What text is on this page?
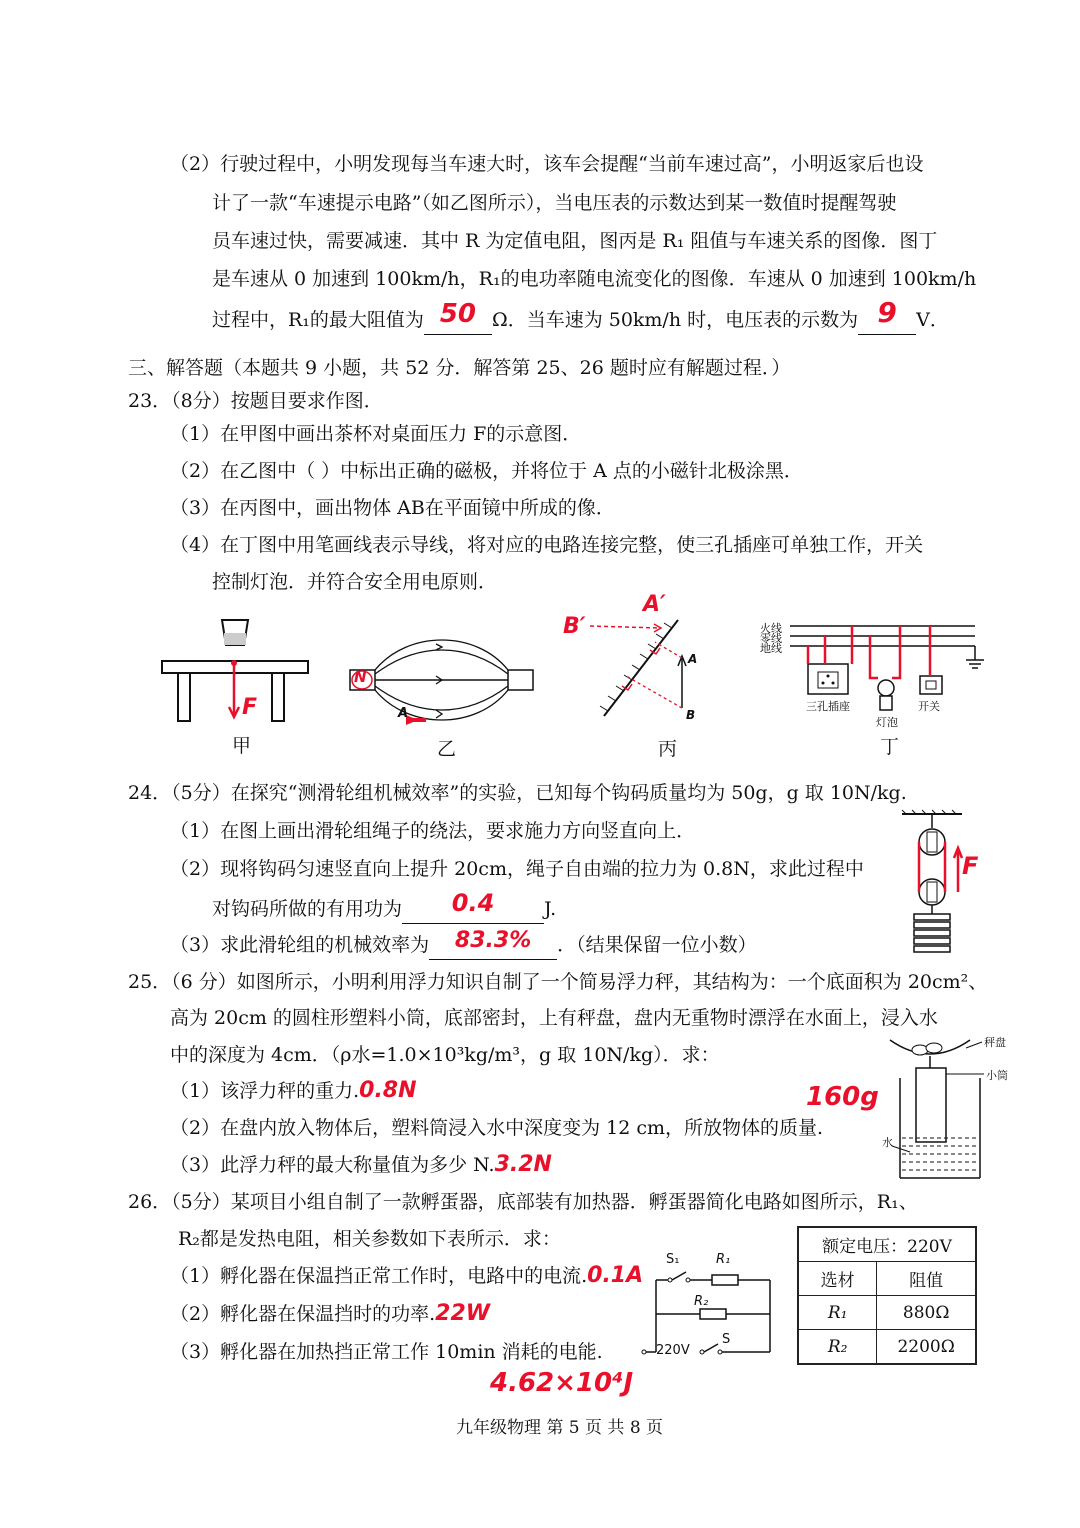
（2）行驶过程中，小明发现每当车速大时，该车会提醒“当前车速过高”，小明返家后也设
计了一款“车速提示电路”（如乙图所示），当电压表的示数达到某一数值时提醒驾驶
员车速过快，需要减速．其中 R 为定值电阻，图丙是 R₁ 阻值与车速关系的图像．图丁
是车速从 0 加速到 100km/h，R₁的电功率随电流变化的图像．车速从 0 加速到 100km/h
过程中，R₁的最大阻值为 50 Ω．当车速为 50km/h 时，电压表的示数为 9 V．
三、解答题（本题共 9 小题，共 52 分．解答第 25、26 题时应有解题过程．）
23．（8分）按题目要求作图．
（1）在甲图中画出茶杯对桌面压力 F的示意图．
（2）在乙图中（ ）中标出正确的磁极，并将位于 A 点的小磁针北极涂黑．
（3）在丙图中，画出物体 AB在平面镜中所成的像．
（4）在丁图中用笔画线表示导线，将对应的电路连接完整，使三孔插座可单独工作，开关
控制灯泡．并符合安全用电原则．
F
甲
N
A
乙
B′
A′
A
B
丙
火线
零线
地线
三孔插座
灯泡
开关
丁
24．（5分）在探究“测滑轮组机械效率”的实验，已知每个钩码质量均为 50g，g 取 10N/kg.
（1）在图上画出滑轮组绳子的绕法，要求施力方向竖直向上．
（2）现将钩码匀速竖直向上提升 20cm，绳子自由端的拉力为 0.8N，求此过程中
对钩码所做的有用功为 0.4	J.
（3）求此滑轮组的机械效率为 83.3% ．（结果保留一位小数）
F
25．（6 分）如图所示，小明利用浮力知识自制了一个简易浮力秤，其结构为：一个底面积为 20cm²、
高为 20cm 的圆柱形塑料小筒，底部密封，上有秤盘，盘内无重物时漂浮在水面上，浸入水
中的深度为 4cm．（ρ水=1.0×10³kg/m³，g 取 10N/kg）．求：
（1）该浮力秤的重力.0.8N
（2）在盘内放入物体后，塑料筒浸入水中深度变为 12 cm，所放物体的质量.
160g
（3）此浮力秤的最大称量值为多少 N.3.2N
秤盘
小筒
水
26．（5分）某项目小组自制了一款孵蛋器，底部装有加热器．孵蛋器简化电路如图所示，R₁、
R₂都是发热电阻，相关参数如下表所示．求：
（1）孵化器在保温挡正常工作时，电路中的电流.0.1A
（2）孵化器在保温挡时的功率.22W
（3）孵化器在加热挡正常工作 10min 消耗的电能.
4.62×10⁴J
S₁	R₁
R₂
S
220V
额定电压：220V	
选材	阻值
R₁	880Ω
R₂	2200Ω
九年级物理 第 5 页 共 8 页
